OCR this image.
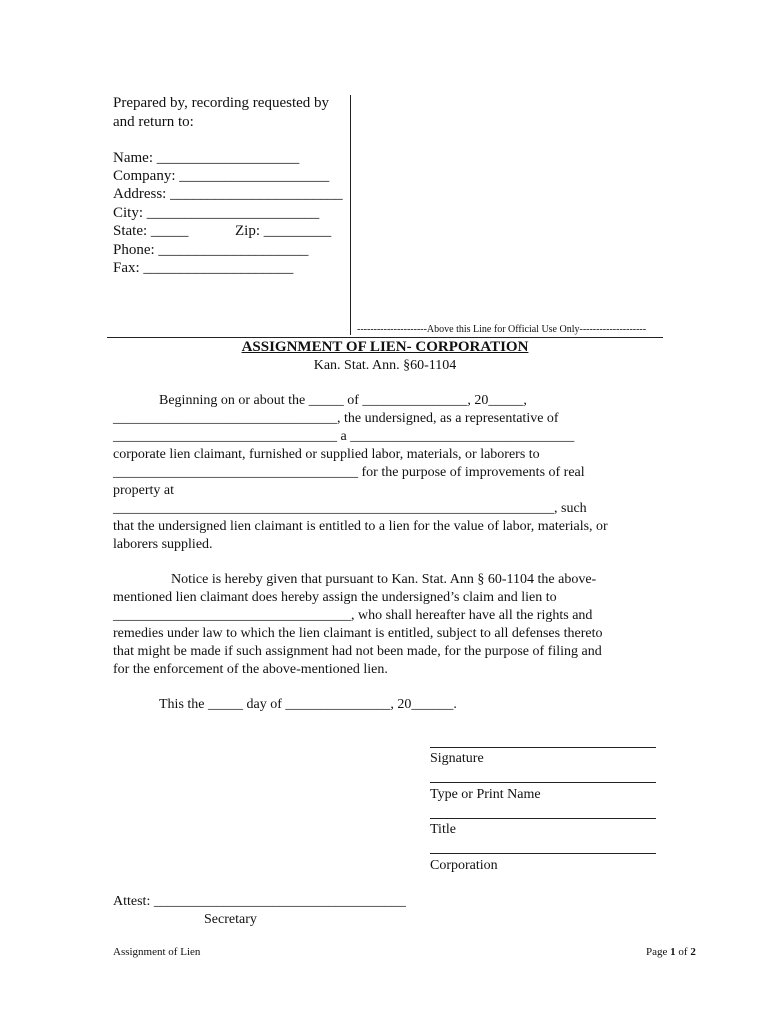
Prepared by, recording requested by
and return to:
Name: ___________________
Company: ____________________
Address: _______________________
City: _______________________
State: _____	Zip: _________
Phone: ____________________
Fax: ____________________
---------------------Above this Line for Official Use Only--------------------
ASSIGNMENT OF LIEN- CORPORATION
Kan. Stat. Ann. §60-1104
Beginning on or about the _____ of _______________, 20_____,
________________________________, the undersigned, as a representative of
________________________________ a ________________________________
corporate lien claimant, furnished or supplied labor, materials, or laborers to
___________________________________ for the purpose of improvements of real
property at
_______________________________________________________________, such
that the undersigned lien claimant is entitled to a lien for the value of labor, materials, or
laborers supplied.
Notice is hereby given that pursuant to Kan. Stat. Ann § 60-1104 the above-
mentioned lien claimant does hereby assign the undersigned’s claim and lien to
__________________________________, who shall hereafter have all the rights and
remedies under law to which the lien claimant is entitled, subject to all defenses thereto
that might be made if such assignment had not been made, for the purpose of filing and
for the enforcement of the above-mentioned lien.
This the _____ day of _______________, 20______.
Signature
Type or Print Name
Title
Corporation
Attest: ____________________________________
Secretary
Assignment of Lien	Page 1 of 2
